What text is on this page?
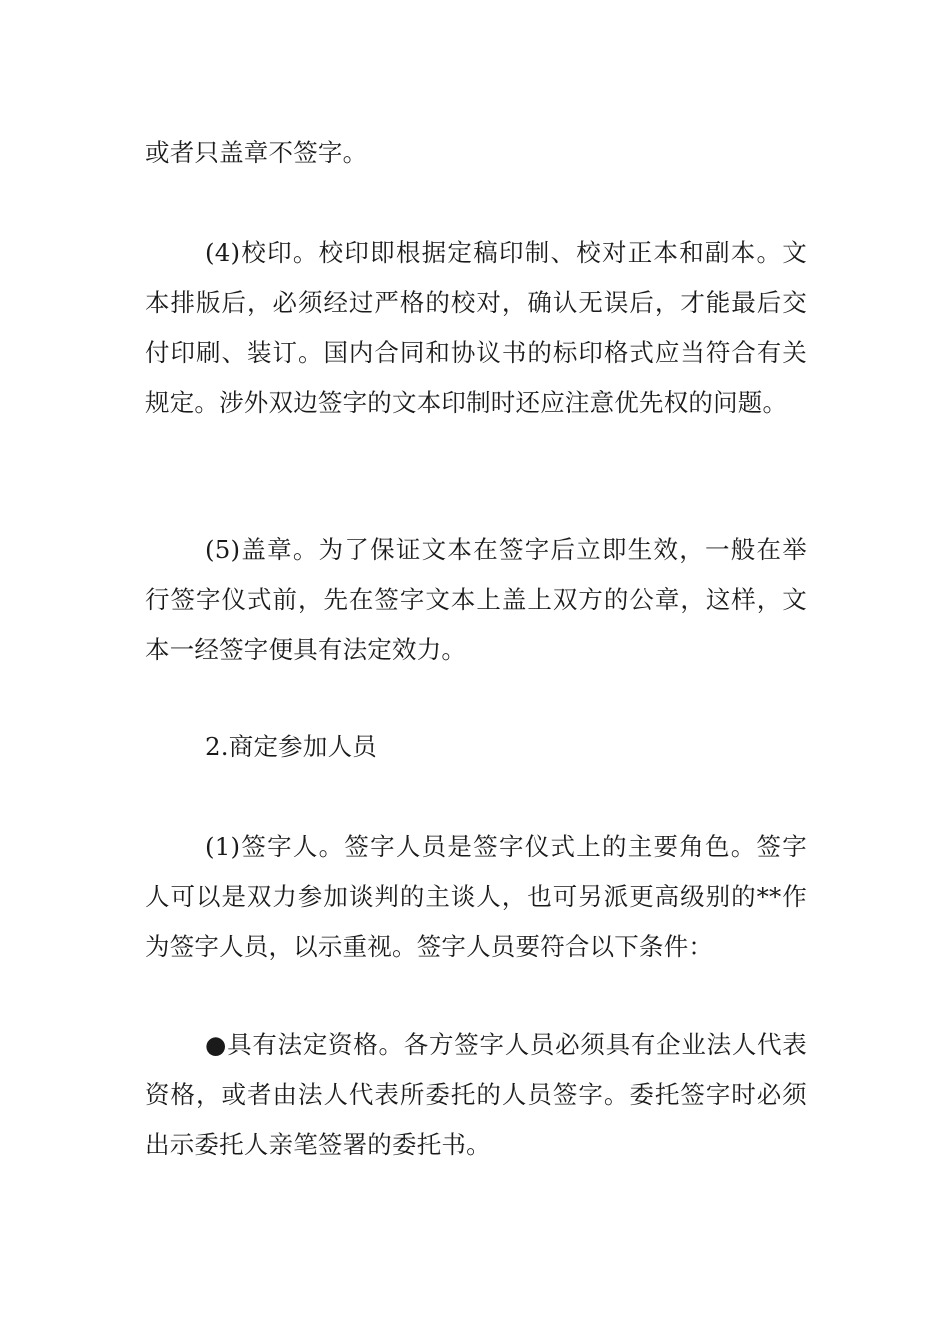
或者只盖章不签字。

(4)校印。校印即根据定稿印制、校对正本和副本。文本排版后，必须经过严格的校对，确认无误后，才能最后交付印刷、装订。国内合同和协议书的标印格式应当符合有关规定。涉外双边签字的文本印制时还应注意优先权的问题。

(5)盖章。为了保证文本在签字后立即生效，一般在举行签字仪式前，先在签字文本上盖上双方的公章，这样，文本一经签字便具有法定效力。

2.商定参加人员

(1)签字人。签字人员是签字仪式上的主要角色。签字人可以是双力参加谈判的主谈人，也可另派更高级别的**作为签字人员，以示重视。签字人员要符合以下条件：

●具有法定资格。各方签字人员必须具有企业法人代表资格，或者由法人代表所委托的人员签字。委托签字时必须出示委托人亲笔签署的委托书。
